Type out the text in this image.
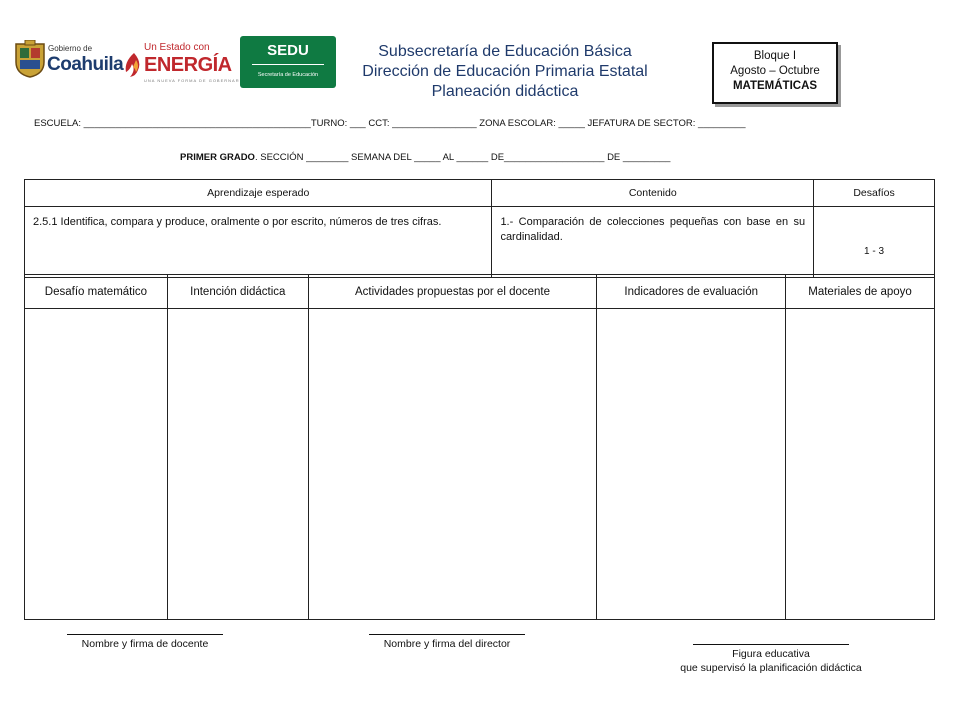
Gobierno de
Coahuila
Un Estado con
ENERGÍA
UNA NUEVA FORMA DE GOBERNAR
SEDU
Secretaría de Educación
Subsecretaría de Educación Básica
Dirección de Educación Primaria Estatal
Planeación didáctica
Bloque I
Agosto – Octubre
MATEMÁTICAS
ESCUELA: ___________________________________________TURNO: ___ CCT: ________________ ZONA ESCOLAR: _____ JEFATURA DE SECTOR: _________
PRIMER GRADO. SECCIÓN ________ SEMANA DEL _____ AL ______ DE___________________ DE _________
Aprendizaje esperado	Contenido	Desafíos
2.5.1 Identifica, compara y produce, oralmente o por escrito, números de tres cifras.	1.- Comparación de colecciones pequeñas con base en su cardinalidad.	1 - 3
Desafío matemático	Intención didáctica	Actividades propuestas por el docente	Indicadores de evaluación	Materiales de apoyo

Nombre y firma de docente	Nombre y firma del director
Figura educativa
que supervisó la planificación didáctica
